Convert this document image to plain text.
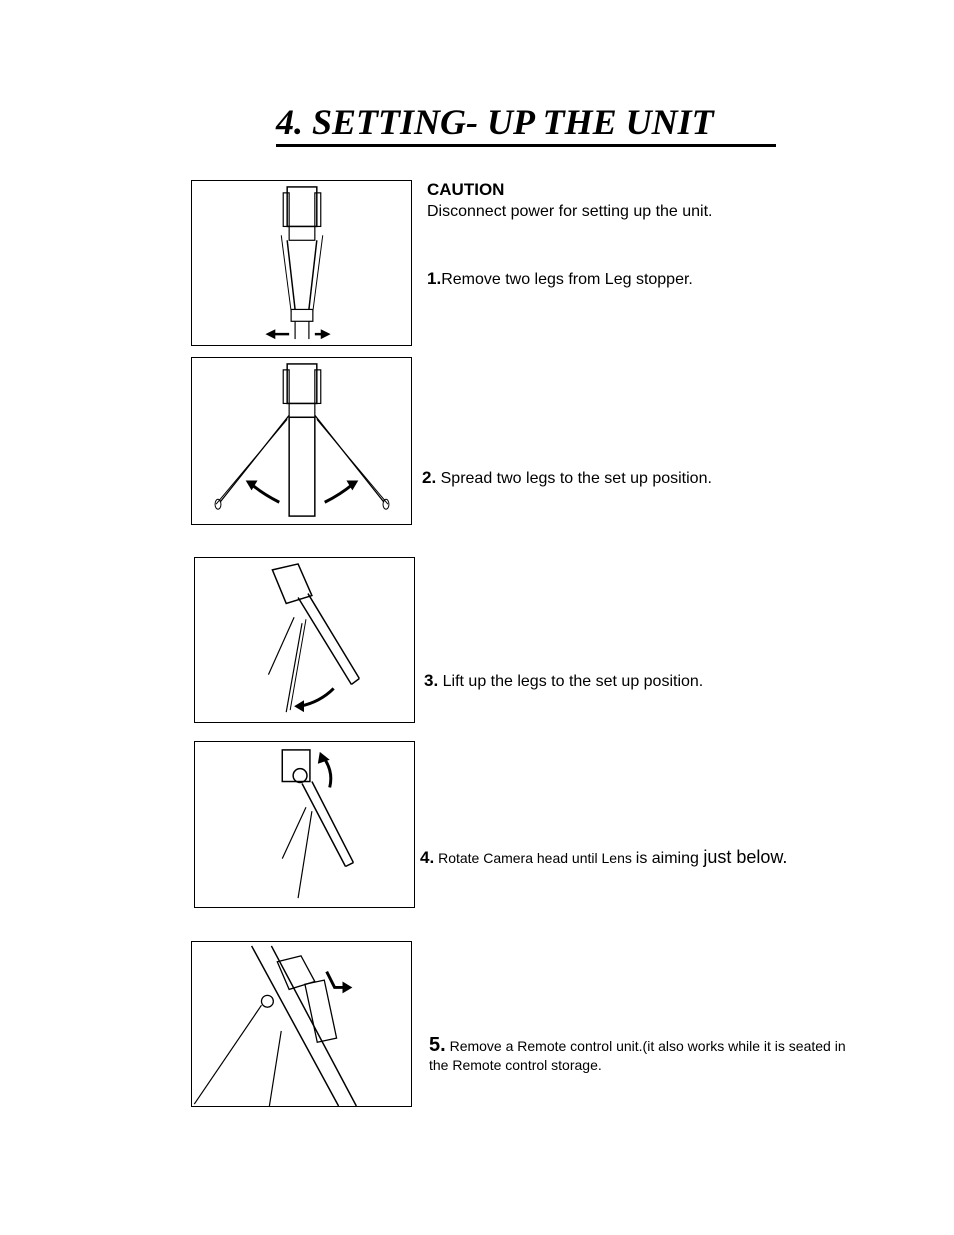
4. SETTING- UP THE UNIT
CAUTION
Disconnect power for setting up the unit.
1.Remove two legs from Leg stopper.
2. Spread two legs to the set up position.
3. Lift up the legs to the set up position.
4. Rotate Camera head until Lens is aiming just below.
5. Remove a Remote control unit.(it also works while it is seated in the Remote control storage.
